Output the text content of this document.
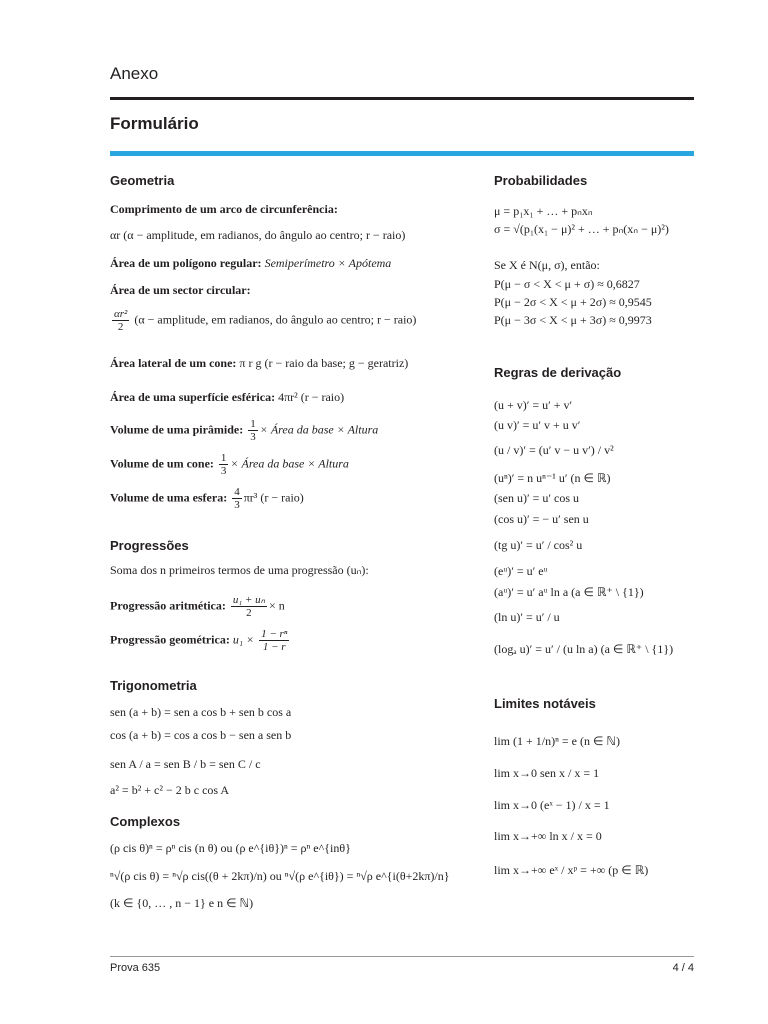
Anexo
Formulário
Geometria
Comprimento de um arco de circunferência:
αr (α − amplitude, em radianos, do ângulo ao centro; r − raio)
Área de um polígono regular: Semiperímetro × Apótema
Área de um sector circular:
$\frac{\text{αr²}}{2} (\alpha$ − amplitude, em radianos, do ângulo ao centro; r − raio)
Área lateral de um cone: π r g (r − raio da base; g − geratriz)
Área de uma superfície esférica: 4πr² (r − raio)
Volume de uma pirâmide: $\frac{1}{3}$ × Área da base × Altura
Volume de um cone: $\frac{1}{3}$ × Área da base × Altura
Volume de uma esfera: $\frac{4}{3} \pi r^3$ (r − raio)
Progressões
Soma dos n primeiros termos de uma progressão (uₙ):
Progressão aritmética: $\frac{\text{u₁ + uₙ}}{2} \times n$
Progressão geométrica: $u_1 \times \frac{\text{1 − rⁿ}}{1 - r}$
Trigonometria
sen (a + b) = sen a cos b + sen b cos a
cos (a + b) = cos a cos b − sen a sen b
sen A / a = sen B / b = sen C / c
a² = b² + c² − 2 b c cos A
Complexos
(ρ cis θ)ⁿ = ρⁿ cis (n θ) ou (ρ e^{iθ})ⁿ = ρⁿ e^{inθ}
ⁿ√(ρ cis θ) = ⁿ√ρ cis((θ + 2kπ)/n) ou ⁿ√(ρ e^{iθ}) = ⁿ√ρ e^{i(θ+2kπ)/n}
(k ∈ {0, … , n − 1} e n ∈ ℕ)
Probabilidades
μ = p₁x₁ + … + pₙxₙ
σ = √(p₁(x₁ − μ)² + … + pₙ(xₙ − μ)²)
Se X é N(μ, σ), então:
P(μ − σ < X < μ + σ) ≈ 0,6827
P(μ − 2σ < X < μ + 2σ) ≈ 0,9545
P(μ − 3σ < X < μ + 3σ) ≈ 0,9973
Regras de derivação
(u + v)′ = u′ + v′
(u v)′ = u′ v + u v′
(u / v)′ = (u′ v − u v′) / v²
(uⁿ)′ = n uⁿ⁻¹ u′ (n ∈ ℝ)
(sen u)′ = u′ cos u
(cos u)′ = − u′ sen u
(tg u)′ = u′ / cos² u
(eᵘ)′ = u′ eᵘ
(aᵘ)′ = u′ aᵘ ln a (a ∈ ℝ⁺ \ {1})
(ln u)′ = u′ / u
(logₐ u)′ = u′ / (u ln a) (a ∈ ℝ⁺ \ {1})
Limites notáveis
lim (1 + 1/n)ⁿ = e (n ∈ ℕ)
lim x→0 sen x / x = 1
lim x→0 (eˣ − 1) / x = 1
lim x→+∞ ln x / x = 0
lim x→+∞ eˣ / xᵖ = +∞ (p ∈ ℝ)
Prova 635	4 / 4
